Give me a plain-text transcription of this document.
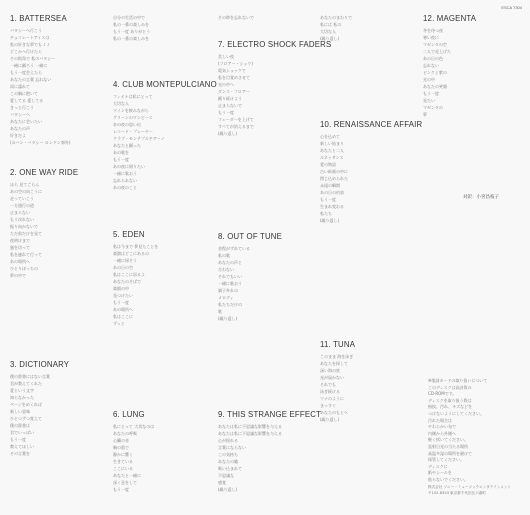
ESCA 7304
1. BATTERSEA
バタシーへ行こう
チョコレートアイスは
私の好きな夢でも ♪ ♪
どこかへ行けたら
その街角で 私のバタシー
一緒に踊ろう 一緒に
もう一度会えたら
あなたの言葉 忘れない
雨に濡れて
この胸に抱いて
愛してる 愛してる
きっと行こう
バタシーへ
あなたに会いたい
あなたの声
好きだよ
(ヨハン・バタシー ロンドン郊外)
2. ONE WAY RIDE
ほら 見てごらん
あの空の向こうに
走っていこう
一方通行の道
止まらない
もう戻れない
振り向かないで
ただ前だけを見て
夜明けまで
風を切って
私を連れて行って
あの場所へ
ひとりぼっちの
夢の中で
3. DICTIONARY
僕の辞書にはない言葉
君が教えてくれた
愛という文字
知らなかった
ページをめくれば
新しい意味
ひとつずつ覚えて
僕の辞書は
君でいっぱい
もう一度
教えてほしい
その言葉を
自分の生活の中で
私の一番の楽しみを
もう一度 ありがとう
私の一番の楽しみを
4. CLUB MONTEPULCIANO
フィオナは私にとって
大切な人
ワインを飲みながら
グリーンのワンピース
あの夜の思い出
レコード・プレーヤー
クラブ・モンテプルチアーノ
あなたと踊った
あの歌を
もう一度
あの夜に帰りたい
一緒に歌おう
忘れられない
あの夜のこと
5. EDEN
私は今まで 夢見たことを
楽園はどこにあるの
一緒に探そう
あの日の空
私はここに居るよ
あなたのそばで
楽園の中
見つけたい
もう一度
あの場所へ
私はここに
ずっと
6. LUNG
私にとって 大切なのは
あなたの呼吸
心臓の音
胸の奥で
静かに響く
生きている
ここにいる
あなたと一緒に
深く息をして
もう一度
その時を忘れないで
7. ELECTRO SHOCK FADERS
美しい夜
(フロアー・ショウ)
電気ショックで
私を目覚めさせて
光の中へ
ダンス・フロアー
踊り続けよう
止まらないで
もう一度
フェーダーを上げて
すべてが消えるまで
(繰り返し)
8. OUT OF TUNE
音程がずれている
私の歌
あなたの声と
合わない
それでもいい
一緒に歌おう
調子外れの
メロディ
私たちだけの
歌
(繰り返し)
9. THIS STRANGE EFFECT
あなたは私に不思議な影響を与える
あなたは私に不思議な影響を与える
心が揺れる
言葉にならない
この気持ち
あなたの瞳
吸い込まれて
不思議な
感覚
(繰り返し)
あなたのまわりで
私には 私の
大切な人
(繰り返し)
10. RENAISSANCE AFFAIR
心を込めて
新しい始まり
あなたと二人
ルネッサンス
愛の物語
古い絵画の中に
閉じ込められた
永遠の瞬間
あの日の約束
もう一度
生まれ変わる
私たち
(繰り返し)
11. TUNA
このまま 海を泳ぎ
あなたを探して
深い海の底
光が届かない
それでも
泳ぎ続ける
ツナのように
まっすぐ
あなたのもとへ
(繰り返し)
12. MAGENTA
冬を待つ夜
寒い夜に
マゼンタの空
二人で見上げた
あの日の色
忘れない
ピンクと紫の
光の中
あなたの笑顔
もう一度
見たい
マゼンタの
夢
対訳：小宮昌枝子
※歌詞カードの取り扱いについて
このディスクは高音質の
CD-ROMです。
ディスクを取り扱う際は
指紋、汚れ、キズなどを
つけないようにしてください。
汚れた場合は
やわらかい布で
内側から外側へ
軽く拭いてください。
直射日光の当たる場所
高温多湿の場所を避けて
保管してください。
ディスクに
紙やシールを
貼らないでください。
株式会社 ソニー・ミュージックエンタテインメント
〒102-8353 東京都千代田区六番町
